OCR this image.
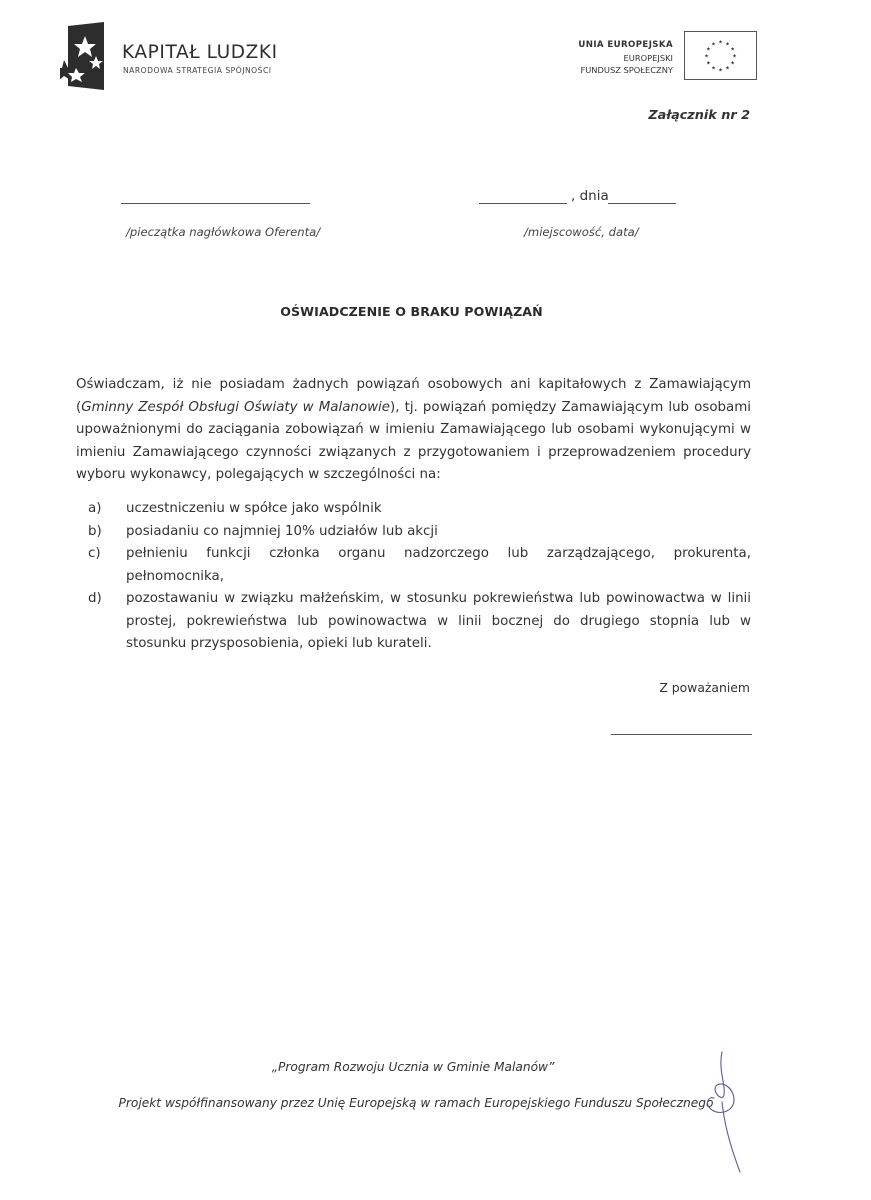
KAPITAŁ LUDZKI
NARODOWA STRATEGIA SPÓJNOŚCI
UNIA EUROPEJSKA
EUROPEJSKI
FUNDUSZ SPOŁECZNY
★ ★
★
★
★
★
★
★
★
★
★
★
Załącznik nr 2
, dnia
/pieczątka nagłówkowa Oferenta/	/miejscowość, data/
OŚWIADCZENIE O BRAKU POWIĄZAŃ

Oświadczam, iż nie posiadam żadnych powiązań osobowych ani kapitałowych z Zamawiającym (Gminny Zespół Obsługi Oświaty w Malanowie), tj. powiązań pomiędzy Zamawiającym lub osobami upoważnionymi do zaciągania zobowiązań w imieniu Zamawiającego lub osobami wykonującymi w imieniu Zamawiającego czynności związanych z przygotowaniem i przeprowadzeniem procedury wyboru wykonawcy, polegających w szczególności na:

a)	uczestniczeniu w spółce jako wspólnik
b)	posiadaniu co najmniej 10% udziałów lub akcji
c)	pełnieniu funkcji członka organu nadzorczego lub zarządzającego, prokurenta, pełnomocnika,
d)	pozostawaniu w związku małżeńskim, w stosunku pokrewieństwa lub powinowactwa w linii prostej, pokrewieństwa lub powinowactwa w linii bocznej do drugiego stopnia lub w stosunku przysposobienia, opieki lub kurateli.
Z poważaniem
„Program Rozwoju Ucznia w Gminie Malanów”
Projekt współfinansowany przez Unię Europejską w ramach Europejskiego Funduszu Społecznego
